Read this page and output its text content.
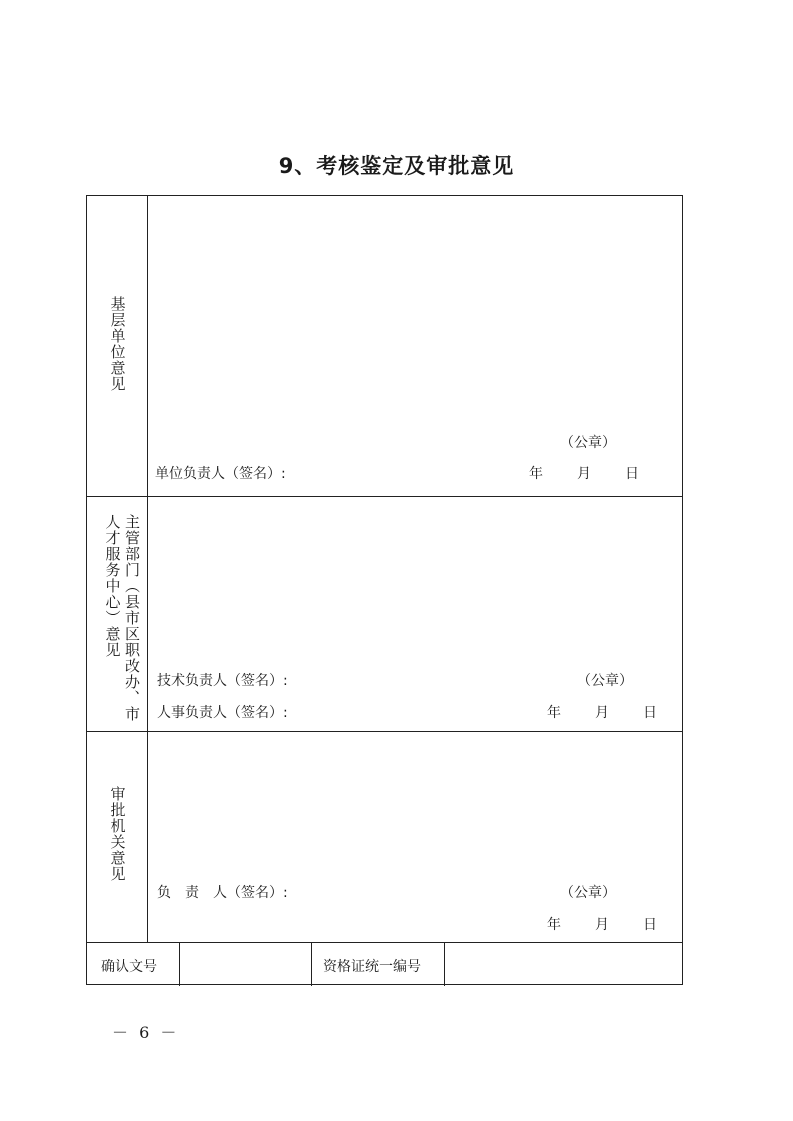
9、考核鉴定及审批意见
基层单位意见
（公章）
单位负责人（签名）:	年 月 日
主管部门（县市区职改办、市人才服务中心）意见
技术负责人（签名）:	（公章）
人事负责人（签名）:	年 月 日
审批机关意见
负　责　人（签名）:	（公章）
年 月 日
确认文号	资格证统一编号
－ 6 －
